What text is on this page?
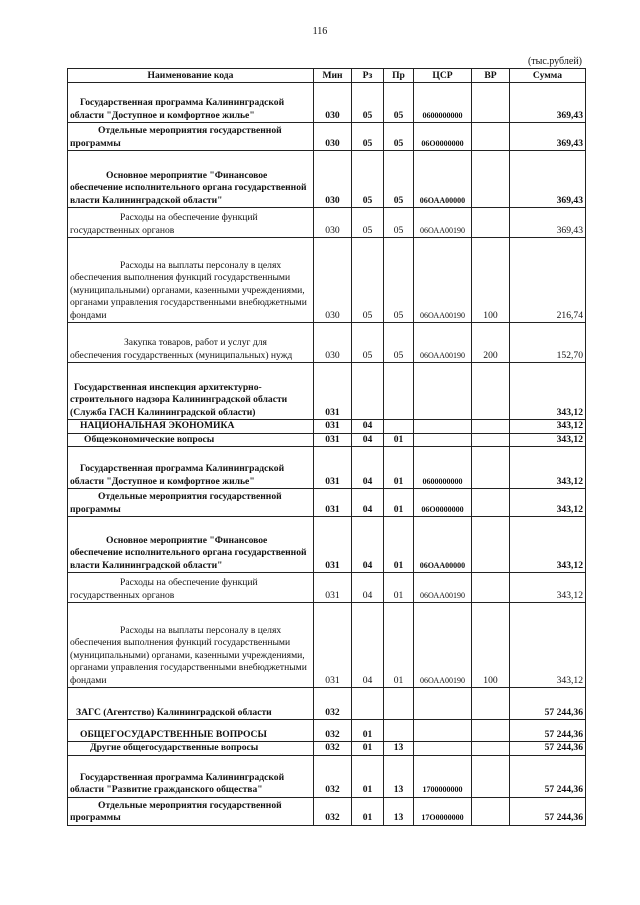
116
(тыс.рублей)
Наименование кода	Мин	Рз	Пр	ЦСР	ВР	Сумма

Государственная программа Калининградской области "Доступное и комфортное жилье"	030	05	05	0600000000		369,43

Отдельные мероприятия государственной программы	030	05	05	06О0000000		369,43

Основное мероприятие "Финансовое обеспечение исполнительного органа государственной власти Калининградской области"	030	05	05	06ОАА00000		369,43

Расходы на обеспечение функций государственных органов	030	05	05	06ОАА00190		369,43

Расходы на выплаты персоналу в целях обеспечения выполнения функций государственными (муниципальными) органами, казенными учреждениями, органами управления государственными внебюджетными фондами	030	05	05	06ОАА00190	100	216,74

Закупка товаров, работ и услуг для обеспечения государственных (муниципальных) нужд	030	05	05	06ОАА00190	200	152,70

Государственная инспекция архитектурно-строительного надзора Калининградской области (Служба ГАСН Калининградской области)	031					343,12

НАЦИОНАЛЬНАЯ ЭКОНОМИКА	031	04				343,12

Общеэкономические вопросы	031	04	01			343,12

Государственная программа Калининградской области "Доступное и комфортное жилье"	031	04	01	0600000000		343,12

Отдельные мероприятия государственной программы	031	04	01	06О0000000		343,12

Основное мероприятие "Финансовое обеспечение исполнительного органа государственной власти Калининградской области"	031	04	01	06ОАА00000		343,12

Расходы на обеспечение функций государственных органов	031	04	01	06ОАА00190		343,12

Расходы на выплаты персоналу в целях обеспечения выполнения функций государственными (муниципальными) органами, казенными учреждениями, органами управления государственными внебюджетными фондами	031	04	01	06ОАА00190	100	343,12

ЗАГС (Агентство) Калининградской области	032					57 244,36

ОБЩЕГОСУДАРСТВЕННЫЕ ВОПРОСЫ	032	01				57 244,36

Другие общегосударственные вопросы	032	01	13			57 244,36

Государственная программа Калининградской области "Развитие гражданского общества"	032	01	13	1700000000		57 244,36

Отдельные мероприятия государственной программы	032	01	13	17О0000000		57 244,36
